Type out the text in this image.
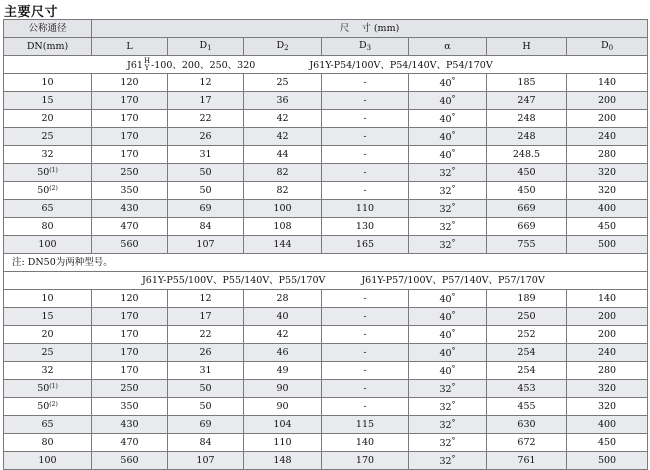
主要尺寸
公称通径	尺    寸 (mm)						
DN(mm)	L	$D_1$	$D_2$	$D_3$	α	H	$D_0$
J61H
Y -100、200、250、320 J61Y-P54/100V、P54/140V、P54/170V							
10	120	12	25	-	40°	185	140
15	170	17	36	-	40°	247	200
20	170	22	42	-	40°	248	200
25	170	26	42	-	40°	248	240
32	170	31	44	-	40°	248.5	280
50$^{(1)}$	250	50	82	-	32°	450	320
50$^{(2)}$	350	50	82	-	32°	450	320
65	430	69	100	110	32°	669	400
80	470	84	108	130	32°	669	450
100	560	107	144	165	32°	755	500
注: DN50为两种型号。							
J61Y-P55/100V、P55/140V、P55/170V J61Y-P57/100V、P57/140V、P57/170V							
10	120	12	28	-	40°	189	140
15	170	17	40	-	40°	250	200
20	170	22	42	-	40°	252	200
25	170	26	46	-	40°	254	240
32	170	31	49	-	40°	254	280
50$^{(1)}$	250	50	90	-	32°	453	320
50$^{(2)}$	350	50	90	-	32°	455	320
65	430	69	104	115	32°	630	400
80	470	84	110	140	32°	672	450
100	560	107	148	170	32°	761	500
